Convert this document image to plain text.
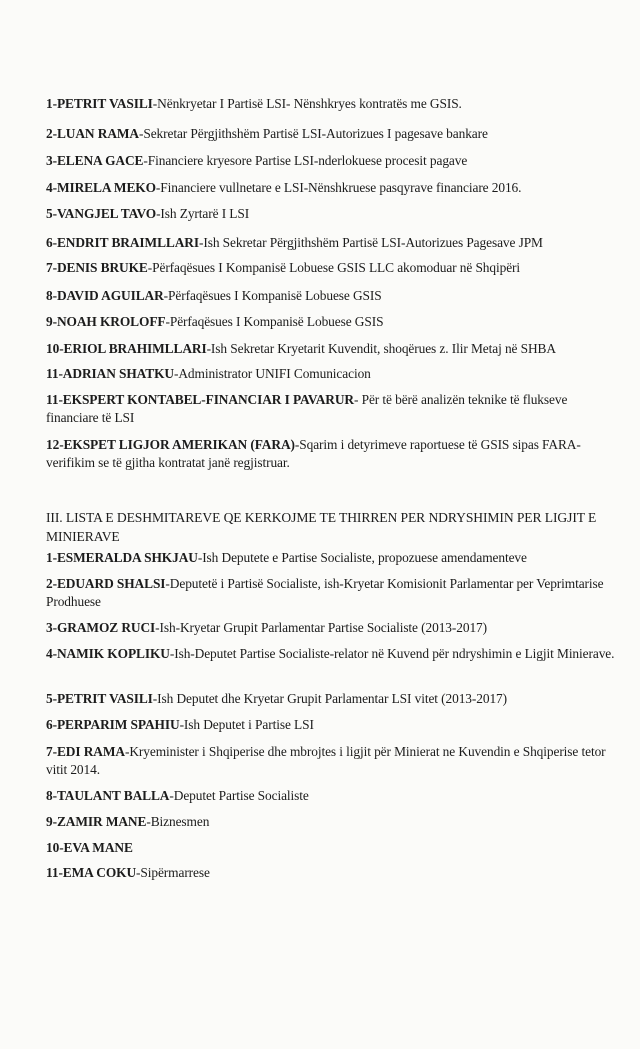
1-PETRIT VASILI-Nënkryetar I Partisë LSI- Nënshkryes kontratës me GSIS.
2-LUAN RAMA-Sekretar Përgjithshëm Partisë LSI-Autorizues I pagesave bankare
3-ELENA GACE-Financiere kryesore Partise LSI-nderlokuese procesit pagave
4-MIRELA MEKO-Financiere vullnetare e LSI-Nënshkruese pasqyrave financiare 2016.
5-VANGJEL TAVO-Ish Zyrtarë I LSI
6-ENDRIT BRAIMLLARI-Ish Sekretar Përgjithshëm Partisë LSI-Autorizues Pagesave JPM
7-DENIS BRUKE-Përfaqësues I Kompanisë Lobuese GSIS LLC akomoduar në Shqipëri
8-DAVID AGUILAR-Përfaqësues I Kompanisë Lobuese GSIS
9-NOAH KROLOFF-Përfaqësues I Kompanisë Lobuese GSIS
10-ERIOL BRAHIMLLARI-Ish Sekretar Kryetarit Kuvendit, shoqërues z. Ilir Metaj në SHBA
11-ADRIAN SHATKU-Administrator UNIFI Comunicacion
11-EKSPERT KONTABEL-FINANCIAR I PAVARUR- Për të bërë analizën teknike të flukseve financiare të LSI
12-EKSPET LIGJOR AMERIKAN (FARA)-Sqarim i detyrimeve raportuese të GSIS sipas FARA-verifikim se të gjitha kontratat janë regjistruar.
III. LISTA E DESHMITAREVE QE KERKOJME TE THIRREN PER NDRYSHIMIN PER LIGJIT E MINIERAVE
1-ESMERALDA SHKJAU-Ish Deputete e Partise Socialiste, propozuese amendamenteve
2-EDUARD SHALSI-Deputetë i Partisë Socialiste, ish-Kryetar Komisionit Parlamentar per Veprimtarise Prodhuese
3-GRAMOZ RUCI-Ish-Kryetar Grupit Parlamentar Partise Socialiste (2013-2017)
4-NAMIK KOPLIKU-Ish-Deputet Partise Socialiste-relator në Kuvend për ndryshimin e Ligjit Minierave.
5-PETRIT VASILI-Ish Deputet dhe Kryetar Grupit Parlamentar LSI vitet (2013-2017)
6-PERPARIM SPAHIU-Ish Deputet i Partise LSI
7-EDI RAMA-Kryeminister i Shqiperise dhe mbrojtes i ligjit për Minierat ne Kuvendin e Shqiperise tetor vitit 2014.
8-TAULANT BALLA-Deputet Partise Socialiste
9-ZAMIR MANE-Biznesmen
10-EVA MANE
11-EMA COKU-Sipërmarrese
